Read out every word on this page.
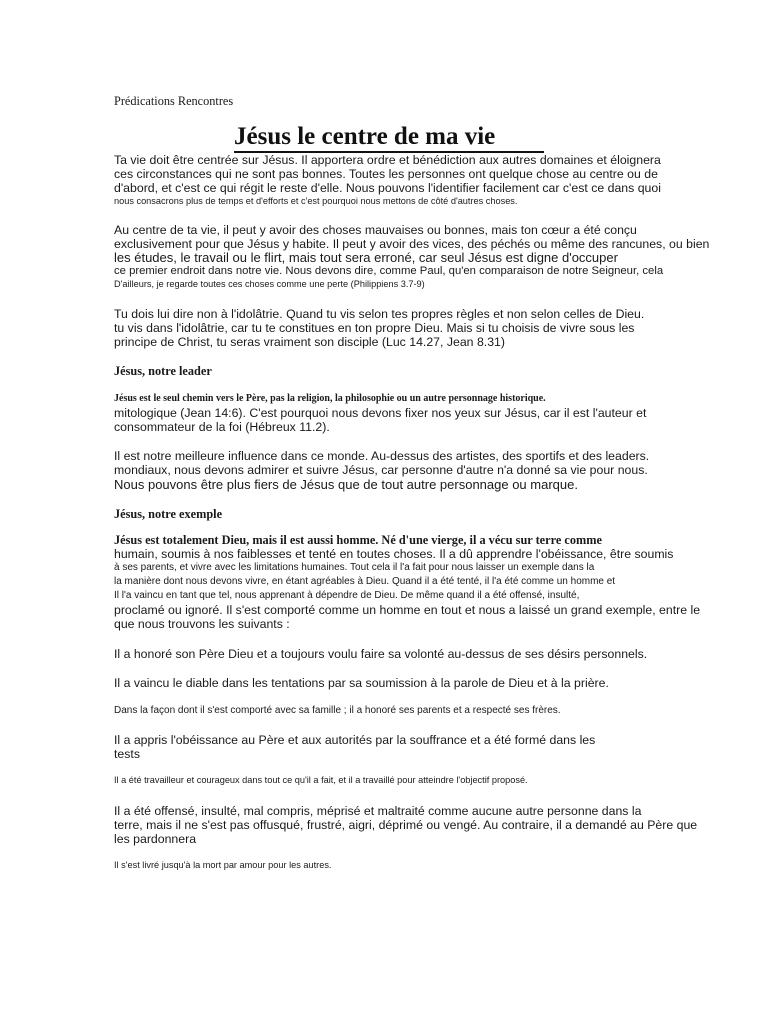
Prédications Rencontres
Jésus le centre de ma vie
Ta vie doit être centrée sur Jésus. Il apportera ordre et bénédiction aux autres domaines et éloignera
ces circonstances qui ne sont pas bonnes. Toutes les personnes ont quelque chose au centre ou de
d'abord, et c'est ce qui régit le reste d'elle. Nous pouvons l'identifier facilement car c'est ce dans quoi
nous consacrons plus de temps et d'efforts et c'est pourquoi nous mettons de côté d'autres choses.
Au centre de ta vie, il peut y avoir des choses mauvaises ou bonnes, mais ton cœur a été conçu
exclusivement pour que Jésus y habite. Il peut y avoir des vices, des péchés ou même des rancunes, ou bien
les études, le travail ou le flirt, mais tout sera erroné, car seul Jésus est digne d'occuper
ce premier endroit dans notre vie. Nous devons dire, comme Paul, qu'en comparaison de notre Seigneur, cela
D'ailleurs, je regarde toutes ces choses comme une perte (Philippiens 3.7-9)
Tu dois lui dire non à l'idolâtrie. Quand tu vis selon tes propres règles et non selon celles de Dieu.
tu vis dans l'idolâtrie, car tu te constitues en ton propre Dieu. Mais si tu choisis de vivre sous les
principe de Christ, tu seras vraiment son disciple (Luc 14.27, Jean 8.31)
Jésus, notre leader
Jésus est le seul chemin vers le Père, pas la religion, la philosophie ou un autre personnage historique.
mitologique (Jean 14:6). C'est pourquoi nous devons fixer nos yeux sur Jésus, car il est l'auteur et
consommateur de la foi (Hébreux 11.2).
Il est notre meilleure influence dans ce monde. Au-dessus des artistes, des sportifs et des leaders.
mondiaux, nous devons admirer et suivre Jésus, car personne d'autre n'a donné sa vie pour nous.
Nous pouvons être plus fiers de Jésus que de tout autre personnage ou marque.
Jésus, notre exemple
Jésus est totalement Dieu, mais il est aussi homme. Né d'une vierge, il a vécu sur terre comme
humain, soumis à nos faiblesses et tenté en toutes choses. Il a dû apprendre l'obéissance, être soumis
à ses parents, et vivre avec les limitations humaines. Tout cela il l'a fait pour nous laisser un exemple dans la
la manière dont nous devons vivre, en étant agréables à Dieu. Quand il a été tenté, il l'a été comme un homme et
Il l'a vaincu en tant que tel, nous apprenant à dépendre de Dieu. De même quand il a été offensé, insulté,
proclamé ou ignoré. Il s'est comporté comme un homme en tout et nous a laissé un grand exemple, entre le
que nous trouvons les suivants :
Il a honoré son Père Dieu et a toujours voulu faire sa volonté au-dessus de ses désirs personnels.
Il a vaincu le diable dans les tentations par sa soumission à la parole de Dieu et à la prière.
Dans la façon dont il s'est comporté avec sa famille ; il a honoré ses parents et a respecté ses frères.
Il a appris l'obéissance au Père et aux autorités par la souffrance et a été formé dans les
tests
Il a été travailleur et courageux dans tout ce qu'il a fait, et il a travaillé pour atteindre l'objectif proposé.
Il a été offensé, insulté, mal compris, méprisé et maltraité comme aucune autre personne dans la
terre, mais il ne s'est pas offusqué, frustré, aigri, déprimé ou vengé. Au contraire, il a demandé au Père que
les pardonnera
Il s'est livré jusqu'à la mort par amour pour les autres.
